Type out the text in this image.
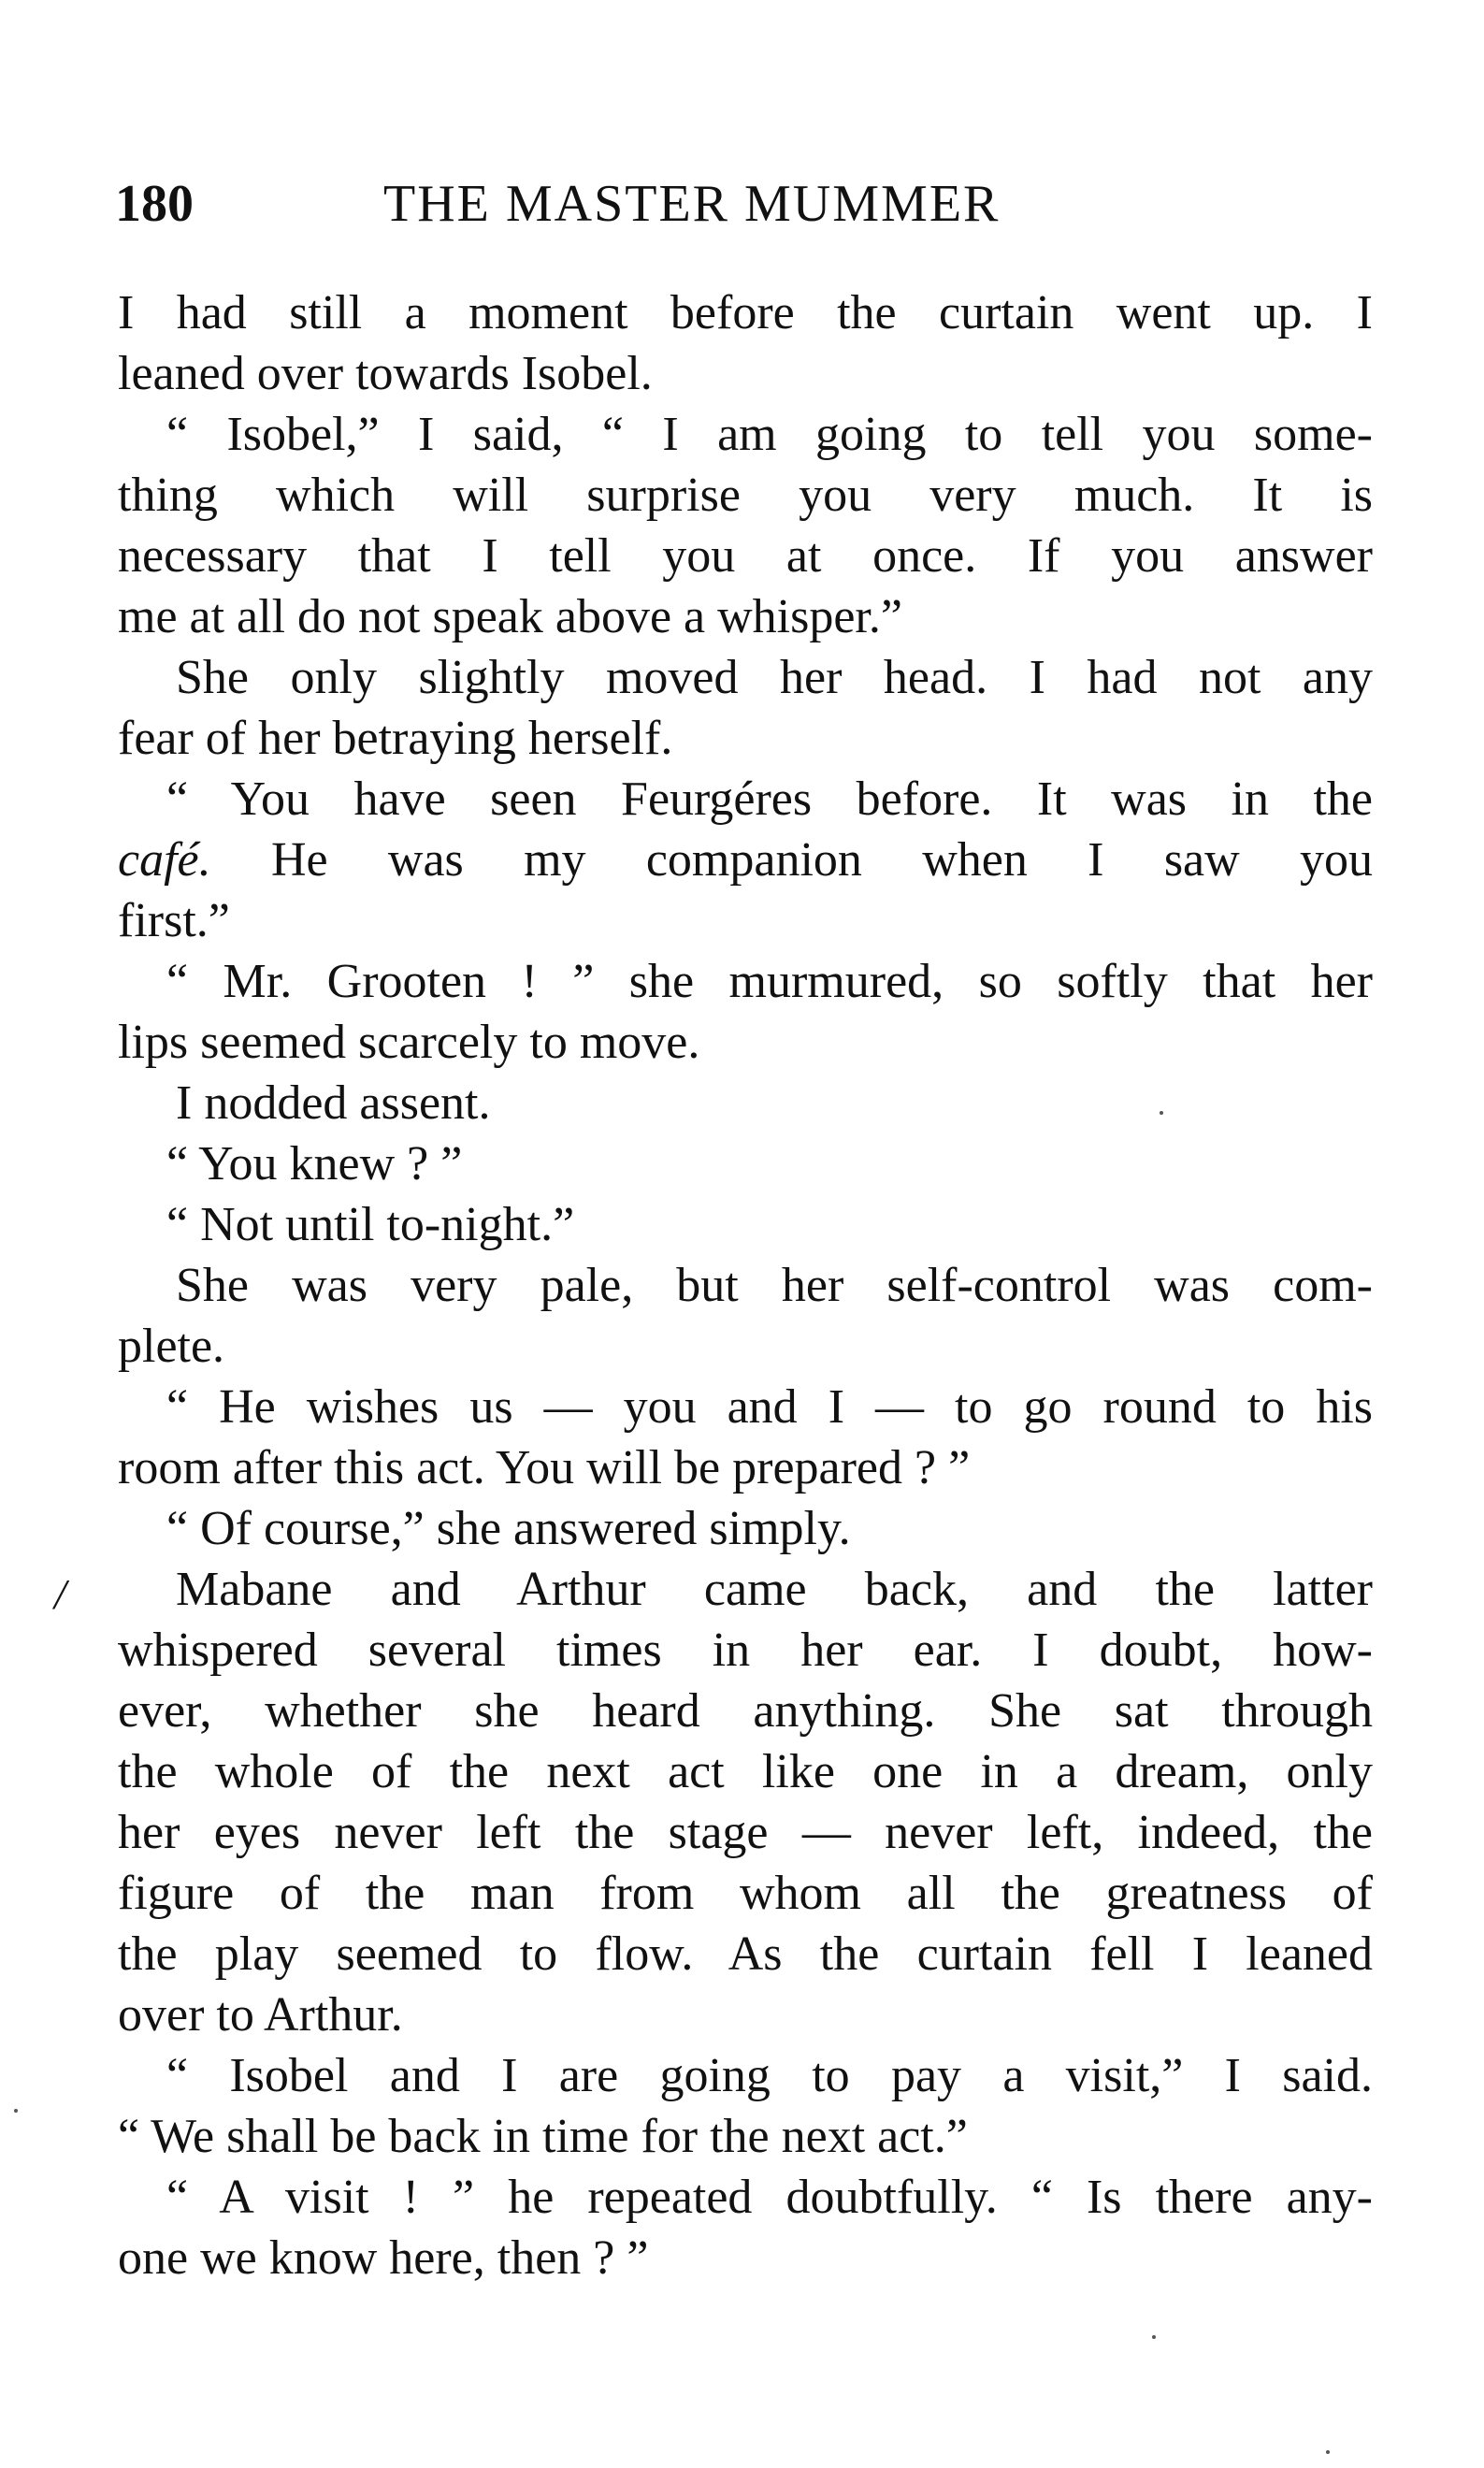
180	THE MASTER MUMMER
/
I had still a moment before the curtain went up. I
leaned over towards Isobel.
“ Isobel,” I said, “ I am going to tell you some-
thing which will surprise you very much. It is
necessary that I tell you at once. If you answer
me at all do not speak above a whisper.”
She only slightly moved her head. I had not any
fear of her betraying herself.
“ You have seen Feurgéres before. It was in the
café. He was my companion when I saw you
first.”
“ Mr. Grooten ! ” she murmured, so softly that her
lips seemed scarcely to move.
I nodded assent.
“ You knew ? ”
“ Not until to-night.”
She was very pale, but her self-control was com-
plete.
“ He wishes us — you and I — to go round to his
room after this act. You will be prepared ? ”
“ Of course,” she answered simply.
Mabane and Arthur came back, and the latter
whispered several times in her ear. I doubt, how-
ever, whether she heard anything. She sat through
the whole of the next act like one in a dream, only
her eyes never left the stage — never left, indeed, the
figure of the man from whom all the greatness of
the play seemed to flow. As the curtain fell I leaned
over to Arthur.
“ Isobel and I are going to pay a visit,” I said.
“ We shall be back in time for the next act.”
“ A visit ! ” he repeated doubtfully. “ Is there any-
one we know here, then ? ”
